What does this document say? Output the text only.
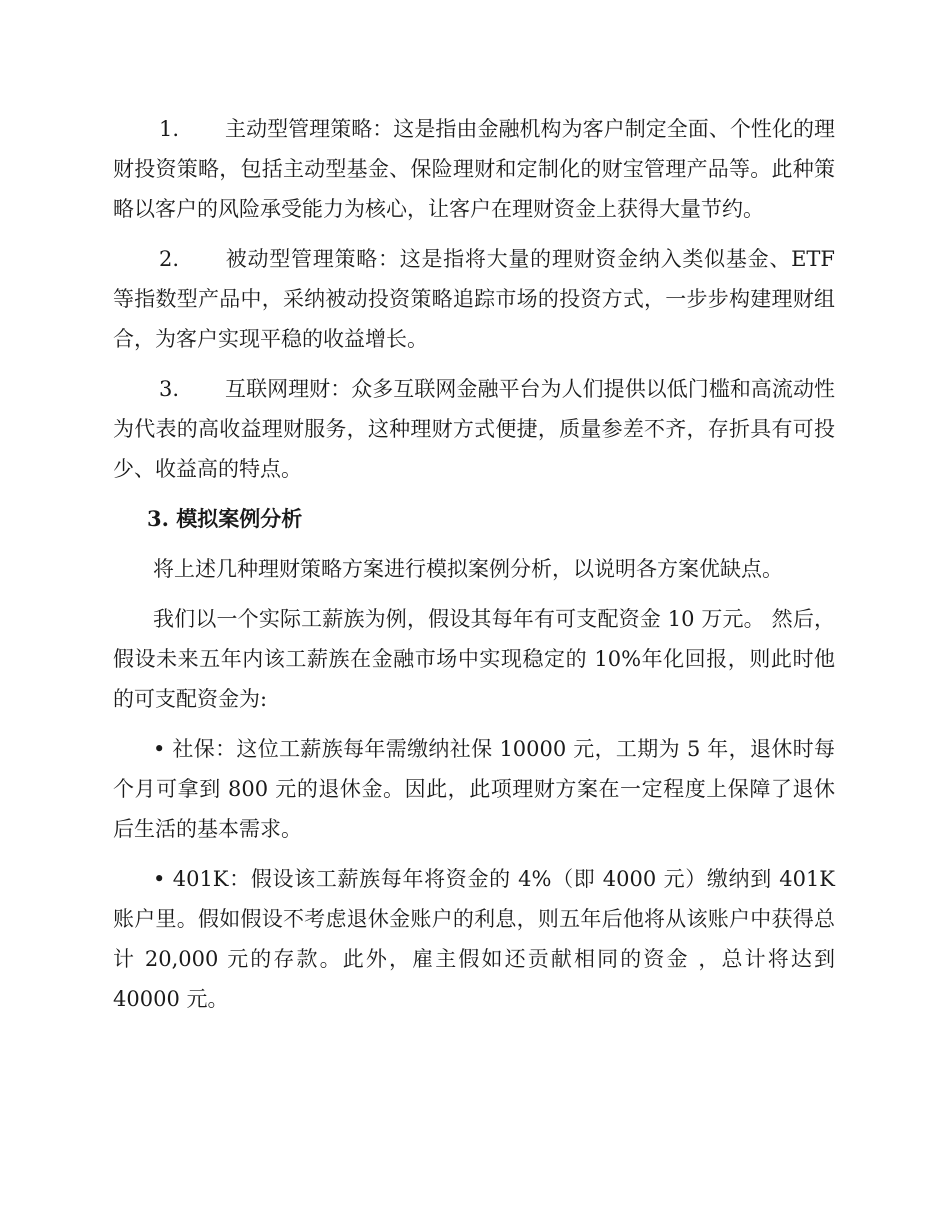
1. 主动型管理策略：这是指由金融机构为客户制定全面、个性化的理财投资策略，包括主动型基金、保险理财和定制化的财宝管理产品等。此种策略以客户的风险承受能力为核心，让客户在理财资金上获得大量节约。

2. 被动型管理策略：这是指将大量的理财资金纳入类似基金、ETF等指数型产品中，采纳被动投资策略追踪市场的投资方式，一步步构建理财组合，为客户实现平稳的收益增长。

3. 互联网理财：众多互联网金融平台为人们提供以低门槛和高流动性为代表的高收益理财服务，这种理财方式便捷，质量参差不齐，存折具有可投少、收益高的特点。

3. 模拟案例分析

将上述几种理财策略方案进行模拟案例分析，以说明各方案优缺点。

我们以一个实际工薪族为例，假设其每年有可支配资金 10 万元。 然后， 假设未来五年内该工薪族在金融市场中实现稳定的 10%年化回报，则此时他的可支配资金为:

• 社保：这位工薪族每年需缴纳社保 10000 元，工期为 5 年，退休时每个月可拿到 800 元的退休金。因此，此项理财方案在一定程度上保障了退休后生活的基本需求。

• 401K：假设该工薪族每年将资金的 4%（即 4000 元）缴纳到 401K 账户里。假如假设不考虑退休金账户的利息，则五年后他将从该账户中获得总计 20,000 元的存款。此外，雇主假如还贡献相同的资金 ，总计将达到 40000 元。
